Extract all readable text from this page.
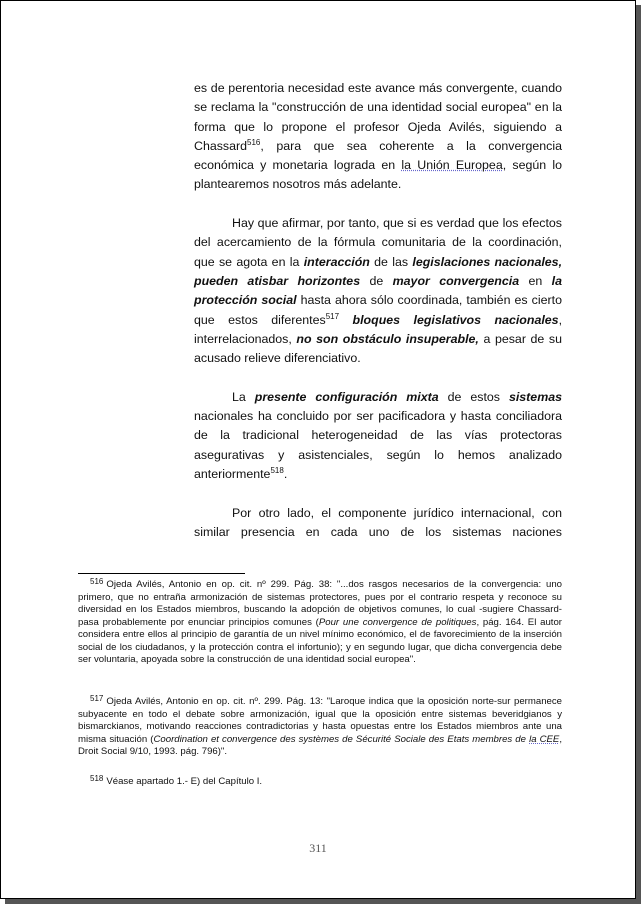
es de perentoria necesidad este avance más convergente, cuando se reclama la "construcción de una identidad social europea" en la forma que lo propone el profesor Ojeda Avilés, siguiendo a Chassard$^{516}$, para que sea coherente a la convergencia económica y monetaria lograda en la Unión Europea, según lo plantearemos nosotros más adelante.

Hay que afirmar, por tanto, que si es verdad que los efectos del acercamiento de la fórmula comunitaria de la coordinación, que se agota en la interacción de las legislaciones nacionales, pueden atisbar horizontes de mayor convergencia en la protección social hasta ahora sólo coordinada, también es cierto que estos diferentes$^{517}$ bloques legislativos nacionales, interrelacionados, no son obstáculo insuperable, a pesar de su acusado relieve diferenciativo.

La presente configuración mixta de estos sistemas nacionales ha concluido por ser pacificadora y hasta conciliadora de la tradicional heterogeneidad de las vías protectoras asegurativas y asistenciales, según lo hemos analizado anteriormente$^{518}$.

Por otro lado, el componente jurídico internacional, con similar presencia en cada uno de los sistemas naciones

$^{516}$ Ojeda Avilés, Antonio en op. cit. nº 299. Pág. 38: "...dos rasgos necesarios de la convergencia: uno primero, que no entraña armonización de sistemas protectores, pues por el contrario respeta y reconoce su diversidad en los Estados miembros, buscando la adopción de objetivos comunes, lo cual -sugiere Chassard- pasa probablemente por enunciar principios comunes (Pour une convergence de politiques, pág. 164. El autor considera entre ellos al principio de garantía de un nivel mínimo económico, el de favorecimiento de la inserción social de los ciudadanos, y la protección contra el infortunio); y en segundo lugar, que dicha convergencia debe ser voluntaria, apoyada sobre la construcción de una identidad social europea".

$^{517}$ Ojeda Avilés, Antonio en op. cit. nº. 299. Pág. 13: "Laroque indica que la oposición norte-sur permanece subyacente en todo el debate sobre armonización, igual que la oposición entre sistemas beveridgianos y bismarckianos, motivando reacciones contradictorias y hasta opuestas entre los Estados miembros ante una misma situación (Coordination et convergence des systèmes de Sécurité Sociale des Etats membres de la CEE, Droit Social 9/10, 1993. pág. 796)".

$^{518}$ Véase apartado 1.- E) del Capítulo I.

311
